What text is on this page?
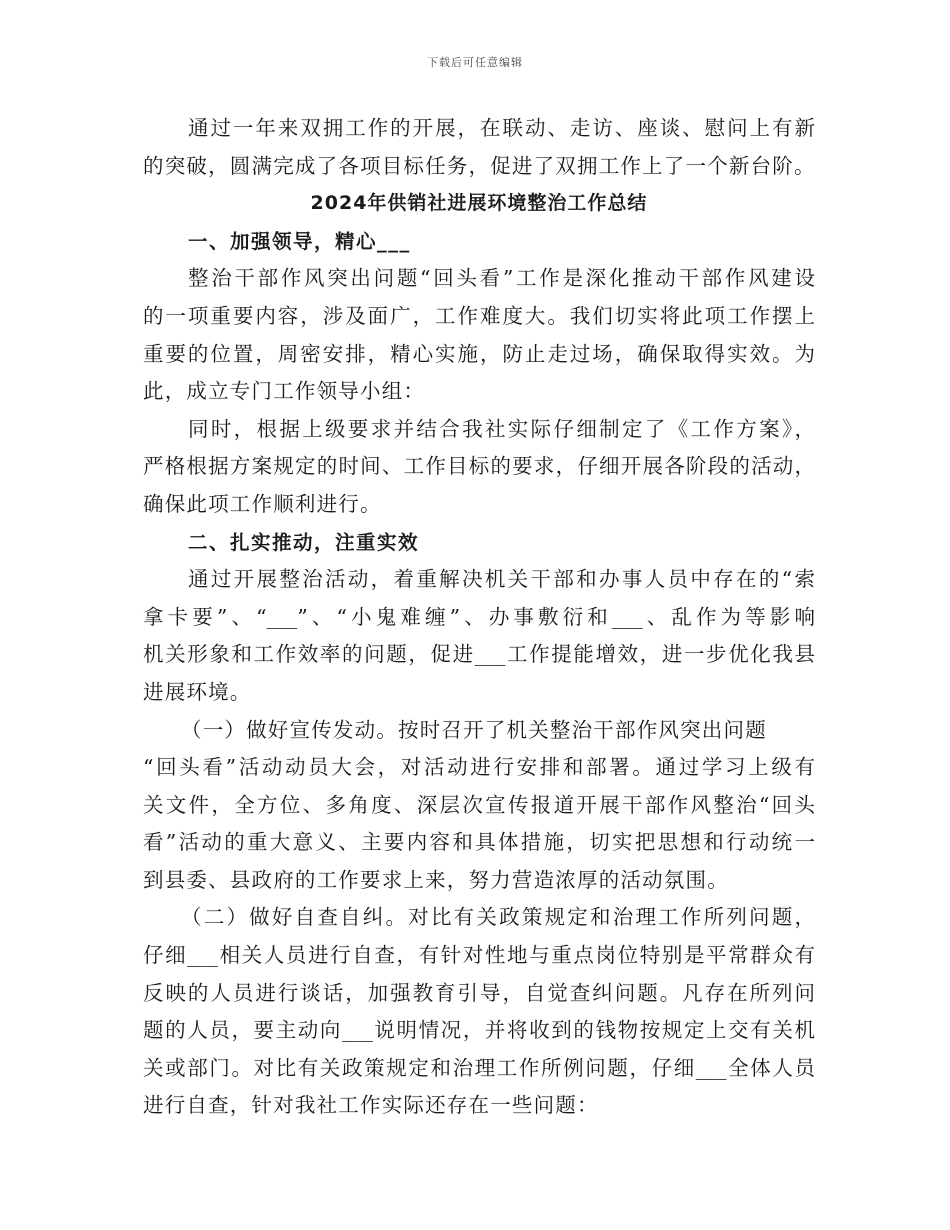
下载后可任意编辑
通过一年来双拥工作的开展，在联动、走访、座谈、慰问上有新
的突破，圆满完成了各项目标任务，促进了双拥工作上了一个新台阶。
2024年供销社进展环境整治工作总结
一、加强领导，精心___
整治干部作风突出问题“回头看”工作是深化推动干部作风建设
的一项重要内容，涉及面广，工作难度大。我们切实将此项工作摆上
重要的位置，周密安排，精心实施，防止走过场，确保取得实效。为
此，成立专门工作领导小组：
同时，根据上级要求并结合我社实际仔细制定了《工作方案》，
严格根据方案规定的时间、工作目标的要求，仔细开展各阶段的活动，
确保此项工作顺利进行。
二、扎实推动，注重实效
通过开展整治活动，着重解决机关干部和办事人员中存在的“索
拿卡要”、“___”、“小鬼难缠”、办事敷衍和___、乱作为等影响
机关形象和工作效率的问题，促进___工作提能增效，进一步优化我县
进展环境。
（一）做好宣传发动。按时召开了机关整治干部作风突出问题
“回头看”活动动员大会，对活动进行安排和部署。通过学习上级有
关文件，全方位、多角度、深层次宣传报道开展干部作风整治“回头
看”活动的重大意义、主要内容和具体措施，切实把思想和行动统一
到县委、县政府的工作要求上来，努力营造浓厚的活动氛围。
（二）做好自查自纠。对比有关政策规定和治理工作所列问题，
仔细___相关人员进行自查，有针对性地与重点岗位特别是平常群众有
反映的人员进行谈话，加强教育引导，自觉查纠问题。凡存在所列问
题的人员，要主动向___说明情况，并将收到的钱物按规定上交有关机
关或部门。对比有关政策规定和治理工作所例问题，仔细___全体人员
进行自查，针对我社工作实际还存在一些问题：
